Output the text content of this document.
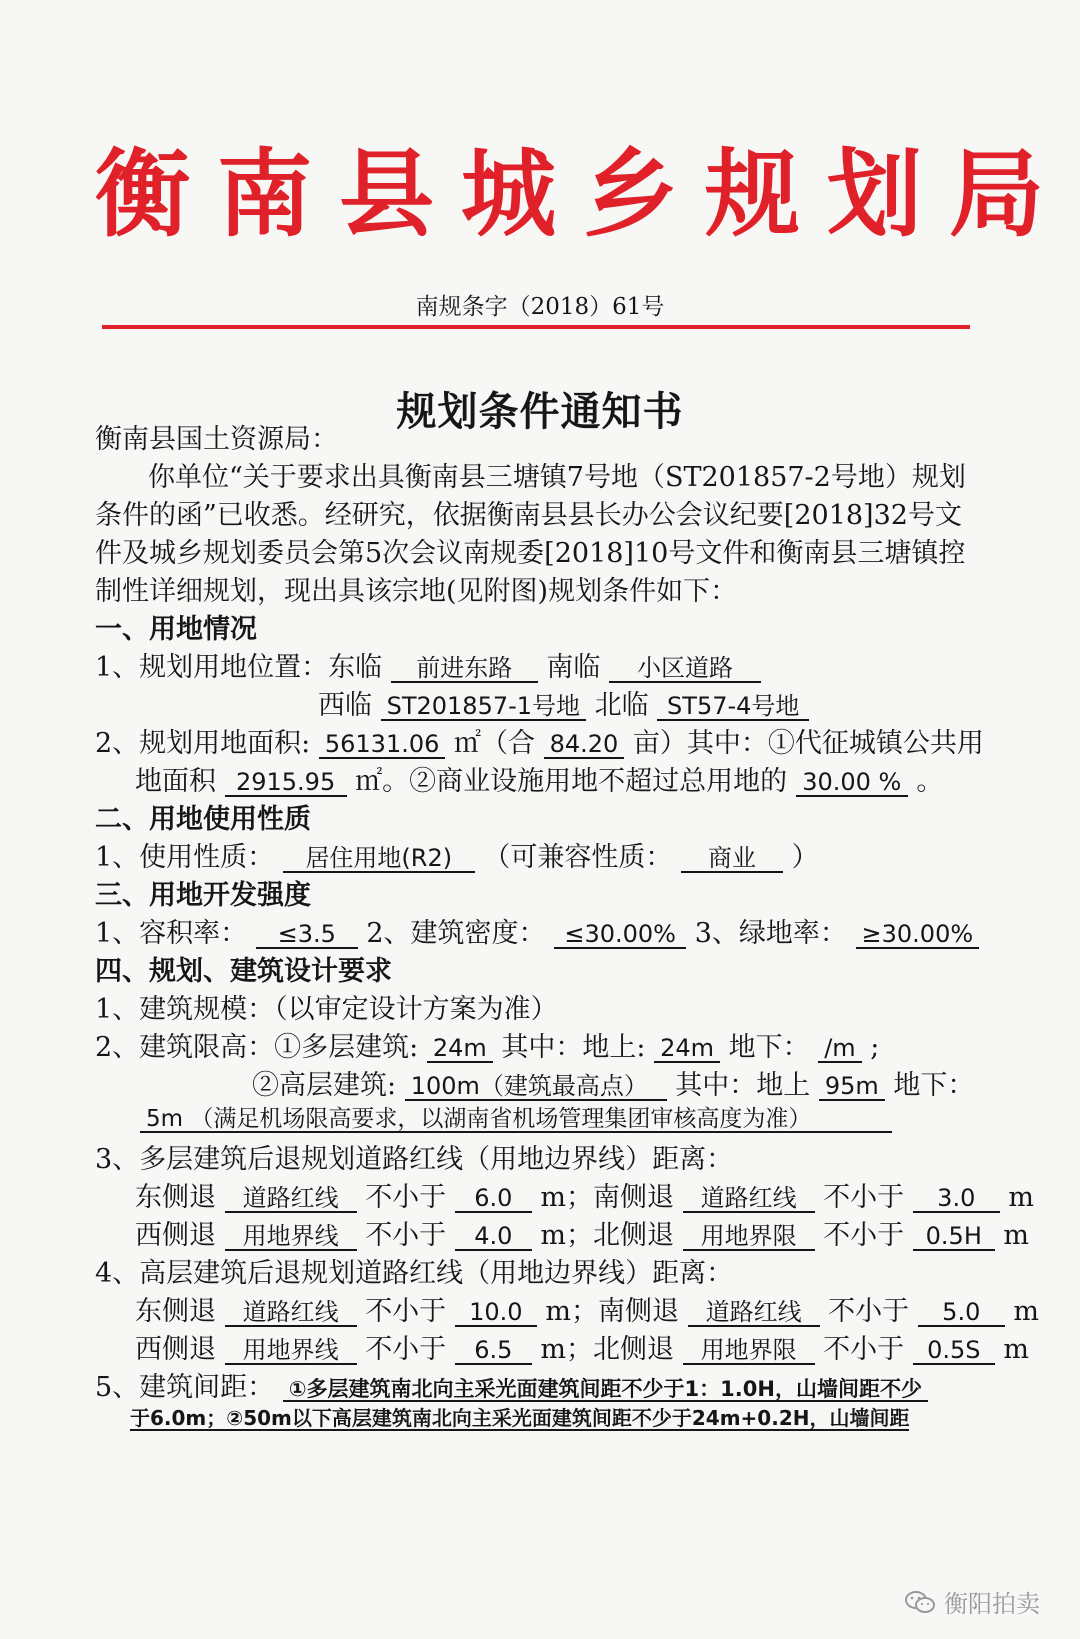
衡南县城乡规划局
南规条字（2018）61号
规划条件通知书
衡南县国土资源局：
你单位“关于要求出具衡南县三塘镇7号地（ST201857-2号地）规划
条件的函”已收悉。经研究，依据衡南县县长办公会议纪要[2018]32号文
件及城乡规划委员会第5次会议南规委[2018]10号文件和衡南县三塘镇控
制性详细规划，现出具该宗地(见附图)规划条件如下：
一、用地情况
1、规划用地位置：东临 前进东路 南临 小区道路
西临 ST201857-1号地 北临 ST57-4号地
2、规划用地面积: 56131.06 ㎡（合 84.20 亩）其中：①代征城镇公共用
地面积 2915.95 ㎡。②商业设施用地不超过总用地的 30.00 % 。
二、用地使用性质
1、使用性质： 居住用地(R2) （可兼容性质： 商业 ）
三、用地开发强度
1、容积率： ≤3.5 2、建筑密度： ≤30.00% 3、绿地率： ≥30.00%
四、规划、建筑设计要求
1、建筑规模：（以审定设计方案为准）
2、建筑限高：①多层建筑: 24m 其中：地上: 24m 地下： /m ;
②高层建筑: 100m（建筑最高点） 其中：地上 95m 地下：
5m （满足机场限高要求，以湖南省机场管理集团审核高度为准）
3、多层建筑后退规划道路红线（用地边界线）距离：
东侧退 道路红线 不小于 6.0 m；南侧退 道路红线 不小于 3.0 m
西侧退 用地界线 不小于 4.0 m；北侧退 用地界限 不小于 0.5H m
4、高层建筑后退规划道路红线（用地边界线）距离：
东侧退 道路红线 不小于 10.0 m；南侧退 道路红线 不小于 5.0 m
西侧退 用地界线 不小于 6.5 m；北侧退 用地界限 不小于 0.5S m
5、建筑间距： ①多层建筑南北向主采光面建筑间距不少于1：1.0H，山墙间距不少
于6.0m；②50m以下高层建筑南北向主采光面建筑间距不少于24m+0.2H，山墙间距
衡阳拍卖
